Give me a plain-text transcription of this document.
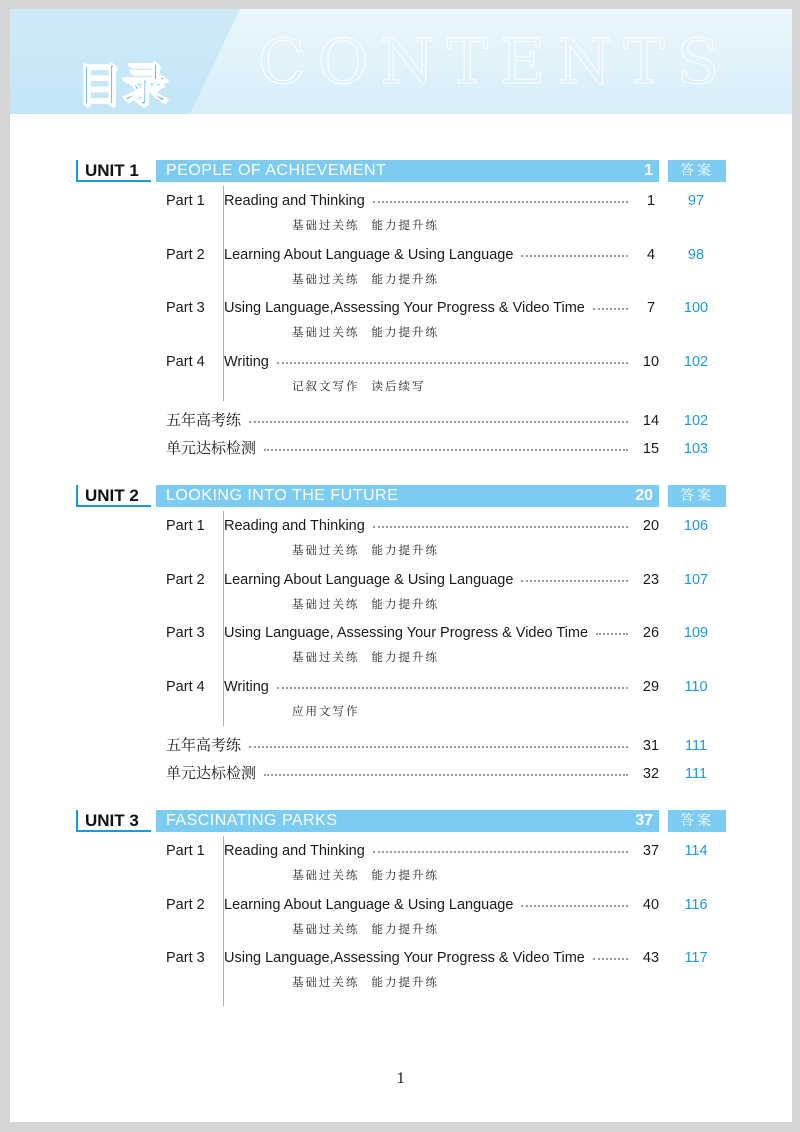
CONTENTS
目录
UNIT 1	PEOPLE OF ACHIEVEMENT	1	答案
Part 1 Reading and Thinking	1	97
基础过关练 能力提升练
Part 2 Learning About Language & Using Language	4	98
基础过关练 能力提升练
Part 3 Using Language,Assessing Your Progress & Video Time	7	100
基础过关练 能力提升练
Part 4 Writing	10	102
记叙文写作 读后续写
五年高考练	14	102
单元达标检测	15	103
UNIT 2	LOOKING INTO THE FUTURE	20	答案
Part 1 Reading and Thinking	20	106
基础过关练 能力提升练
Part 2 Learning About Language & Using Language	23	107
基础过关练 能力提升练
Part 3 Using Language, Assessing Your Progress & Video Time	26	109
基础过关练 能力提升练
Part 4 Writing	29	110
应用文写作
五年高考练	31	111
单元达标检测	32	111
UNIT 3	FASCINATING PARKS	37	答案
Part 1 Reading and Thinking	37	114
基础过关练 能力提升练
Part 2 Learning About Language & Using Language	40	116
基础过关练 能力提升练
Part 3 Using Language,Assessing Your Progress & Video Time	43	117
基础过关练 能力提升练
1
